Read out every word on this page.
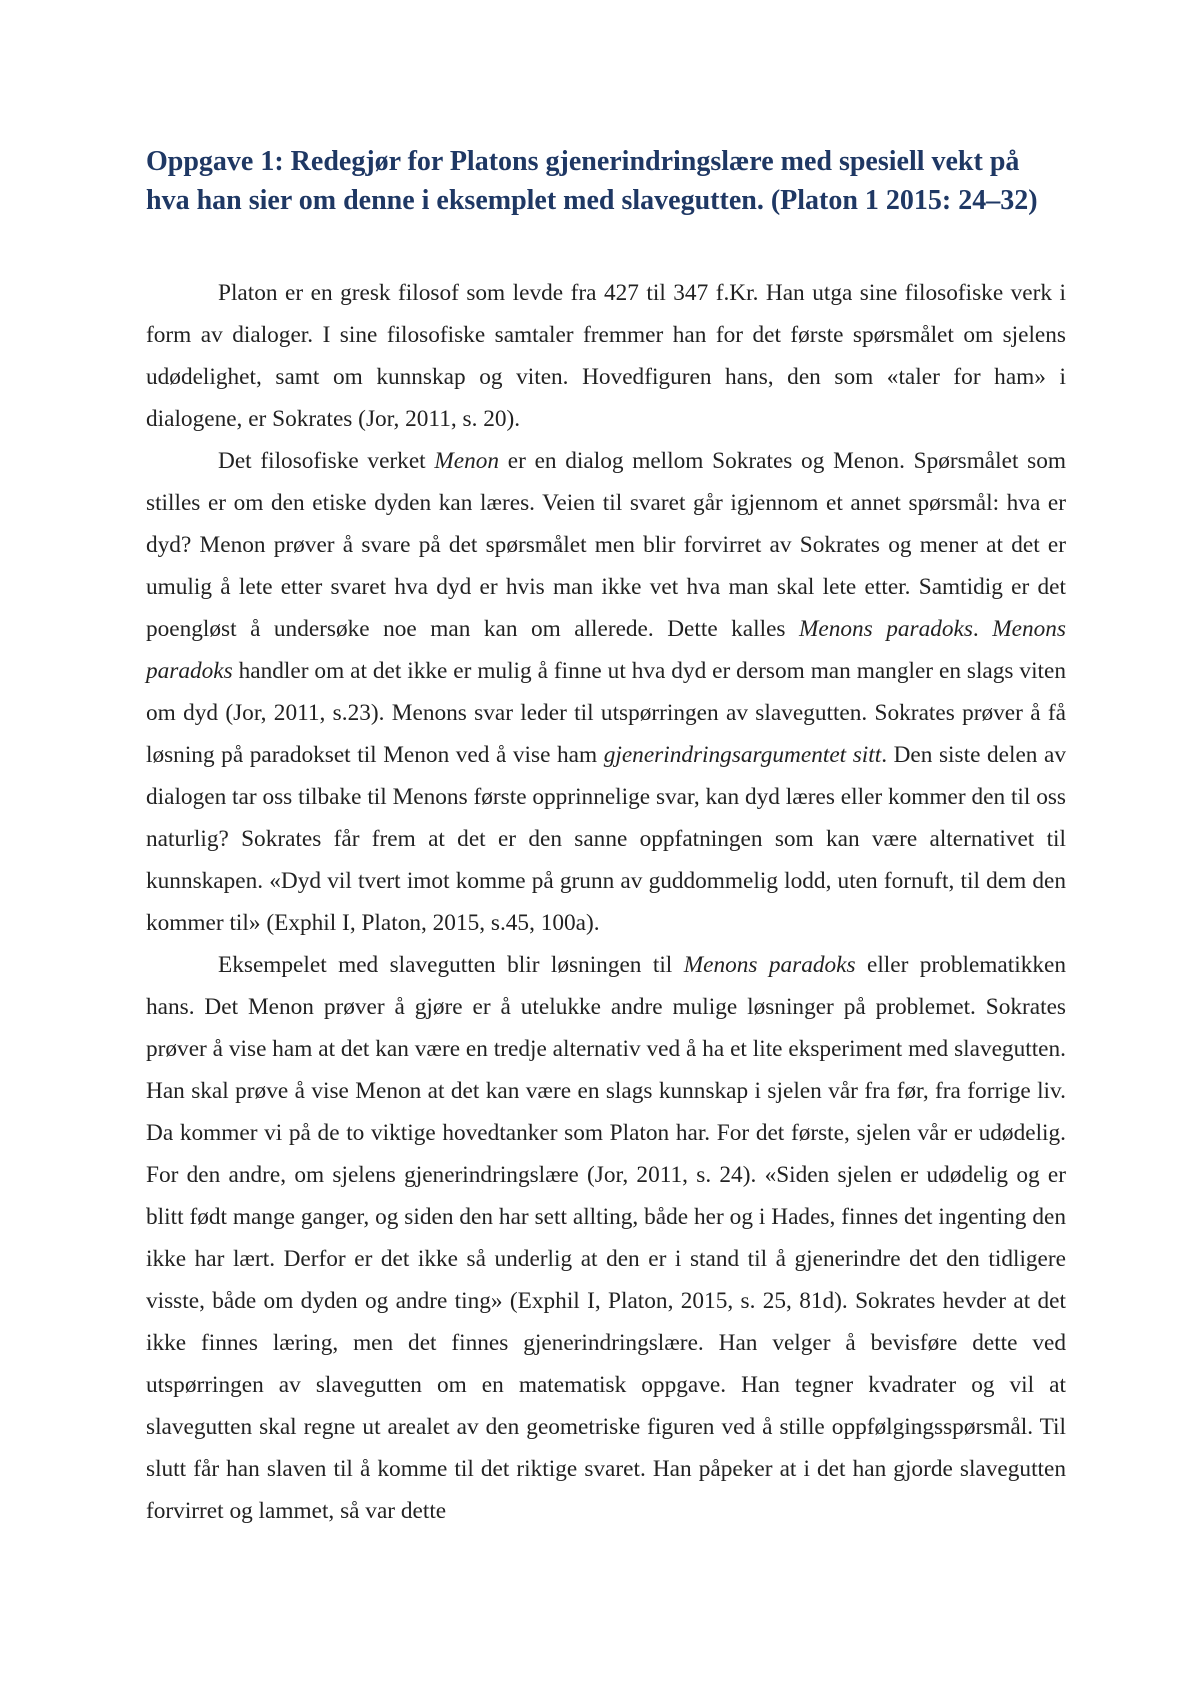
Oppgave 1: Redegjør for Platons gjenerindringslære med spesiell vekt på hva han sier om denne i eksemplet med slavegutten. (Platon 1 2015: 24–32)

Platon er en gresk filosof som levde fra 427 til 347 f.Kr. Han utga sine filosofiske verk i form av dialoger. I sine filosofiske samtaler fremmer han for det første spørsmålet om sjelens udødelighet, samt om kunnskap og viten. Hovedfiguren hans, den som «taler for ham» i dialogene, er Sokrates (Jor, 2011, s. 20).

Det filosofiske verket Menon er en dialog mellom Sokrates og Menon. Spørsmålet som stilles er om den etiske dyden kan læres. Veien til svaret går igjennom et annet spørsmål: hva er dyd? Menon prøver å svare på det spørsmålet men blir forvirret av Sokrates og mener at det er umulig å lete etter svaret hva dyd er hvis man ikke vet hva man skal lete etter. Samtidig er det poengløst å undersøke noe man kan om allerede. Dette kalles Menons paradoks. Menons paradoks handler om at det ikke er mulig å finne ut hva dyd er dersom man mangler en slags viten om dyd (Jor, 2011, s.23). Menons svar leder til utspørringen av slavegutten. Sokrates prøver å få løsning på paradokset til Menon ved å vise ham gjenerindringsargumentet sitt. Den siste delen av dialogen tar oss tilbake til Menons første opprinnelige svar, kan dyd læres eller kommer den til oss naturlig? Sokrates får frem at det er den sanne oppfatningen som kan være alternativet til kunnskapen. «Dyd vil tvert imot komme på grunn av guddommelig lodd, uten fornuft, til dem den kommer til» (Exphil I, Platon, 2015, s.45, 100a).

Eksempelet med slavegutten blir løsningen til Menons paradoks eller problematikken hans. Det Menon prøver å gjøre er å utelukke andre mulige løsninger på problemet. Sokrates prøver å vise ham at det kan være en tredje alternativ ved å ha et lite eksperiment med slavegutten. Han skal prøve å vise Menon at det kan være en slags kunnskap i sjelen vår fra før, fra forrige liv. Da kommer vi på de to viktige hovedtanker som Platon har. For det første, sjelen vår er udødelig. For den andre, om sjelens gjenerindringslære (Jor, 2011, s. 24). «Siden sjelen er udødelig og er blitt født mange ganger, og siden den har sett allting, både her og i Hades, finnes det ingenting den ikke har lært. Derfor er det ikke så underlig at den er i stand til å gjenerindre det den tidligere visste, både om dyden og andre ting» (Exphil I, Platon, 2015, s. 25, 81d). Sokrates hevder at det ikke finnes læring, men det finnes gjenerindringslære. Han velger å bevisføre dette ved utspørringen av slavegutten om en matematisk oppgave. Han tegner kvadrater og vil at slavegutten skal regne ut arealet av den geometriske figuren ved å stille oppfølgingsspørsmål. Til slutt får han slaven til å komme til det riktige svaret. Han påpeker at i det han gjorde slavegutten forvirret og lammet, så var dette
